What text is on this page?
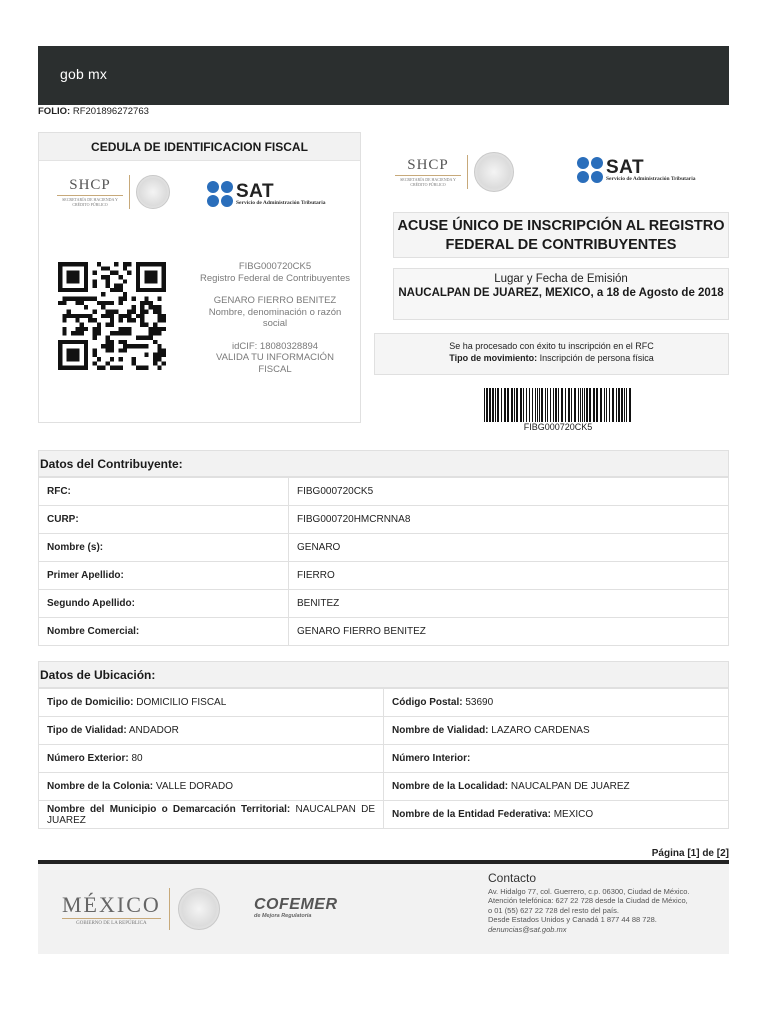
gob mx
FOLIO: RF201896272763
CEDULA DE IDENTIFICACION FISCAL
SHCP
SECRETARÍA DE HACIENDA Y CRÉDITO PÚBLICO
SAT
Servicio de Administración Tributaria
FIBG000720CK5
Registro Federal de Contribuyentes
GENARO FIERRO BENITEZ
Nombre, denominación o razón social
idCIF: 18080328894
VALIDA TU INFORMACIÓN FISCAL
SHCP
SECRETARÍA DE HACIENDA Y CRÉDITO PÚBLICO
SAT
Servicio de Administración Tributaria
ACUSE ÚNICO DE INSCRIPCIÓN AL REGISTRO FEDERAL DE CONTRIBUYENTES
Lugar y Fecha de Emisión
NAUCALPAN DE JUAREZ, MEXICO, a 18 de Agosto de 2018
Se ha procesado con éxito tu inscripción en el RFC
Tipo de movimiento: Inscripción de persona física
FIBG000720CK5
Datos del Contribuyente:
RFC:	FIBG000720CK5
CURP:	FIBG000720HMCRNNA8
Nombre (s):	GENARO
Primer Apellido:	FIERRO
Segundo Apellido:	BENITEZ
Nombre Comercial:	GENARO FIERRO BENITEZ
Datos de Ubicación:
Tipo de Domicilio: DOMICILIO FISCAL	Código Postal: 53690
Tipo de Vialidad: ANDADOR	Nombre de Vialidad: LAZARO CARDENAS
Número Exterior: 80	Número Interior:
Nombre de la Colonia: VALLE DORADO	Nombre de la Localidad: NAUCALPAN DE JUAREZ
Nombre del Municipio o Demarcación Territorial: NAUCALPAN DE JUAREZ	Nombre de la Entidad Federativa: MEXICO
Página [1] de [2]
MÉXICO
GOBIERNO DE LA REPÚBLICA
COFEMER
de Mejora Regulatoria
Contacto
Av. Hidalgo 77, col. Guerrero, c.p. 06300, Ciudad de México.
Atención telefónica: 627 22 728 desde la Ciudad de México,
o 01 (55) 627 22 728 del resto del país.
Desde Estados Unidos y Canadá 1 877 44 88 728.
denuncias@sat.gob.mx
